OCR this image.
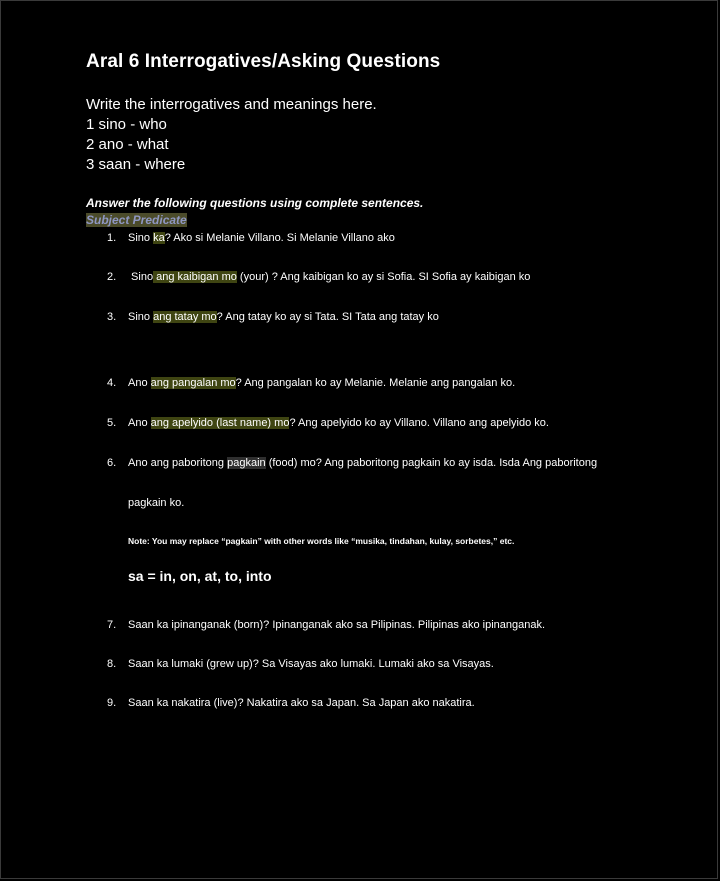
Aral 6 Interrogatives/Asking Questions
Write the interrogatives and meanings here.
1 sino - who
2 ano - what
3 saan - where
Answer the following questions using complete sentences.
Subject Predicate
1. Sino ka? Ako si Melanie Villano. Si Melanie Villano ako
2. Sino ang kaibigan mo (your) ? Ang kaibigan ko ay si Sofia. SI Sofia ay kaibigan ko
3. Sino ang tatay mo? Ang tatay ko ay si Tata. SI Tata ang tatay ko
4. Ano ang pangalan mo? Ang pangalan ko ay Melanie. Melanie ang pangalan ko.
5. Ano ang apelyido (last name) mo? Ang apelyido ko ay Villano. Villano ang apelyido ko.
6. Ano ang paboritong pagkain (food) mo? Ang paboritong pagkain ko ay isda. Isda Ang paboritong
pagkain ko.
Note: You may replace “pagkain” with other words like “musika, tindahan, kulay, sorbetes,” etc.
sa = in, on, at, to, into
7. Saan ka ipinanganak (born)? Ipinanganak ako sa Pilipinas. Pilipinas ako ipinanganak.
8. Saan ka lumaki (grew up)? Sa Visayas ako lumaki. Lumaki ako sa Visayas.
9. Saan ka nakatira (live)? Nakatira ako sa Japan. Sa Japan ako nakatira.
